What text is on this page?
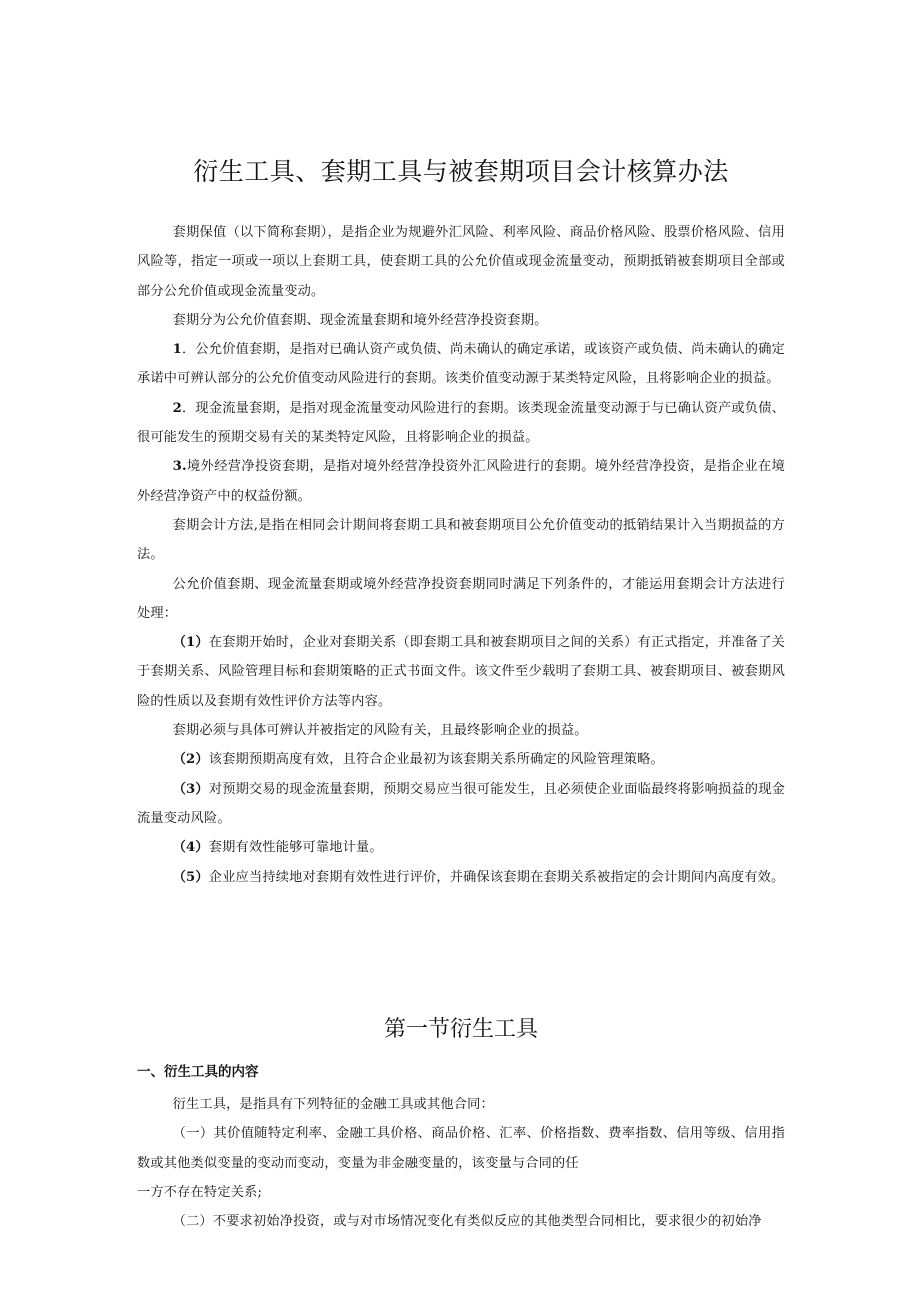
衍生工具、套期工具与被套期项目会计核算办法

套期保值（以下简称套期），是指企业为规避外汇风险、利率风险、商品价格风险、股票价格风险、信用风险等，指定一项或一项以上套期工具，使套期工具的公允价值或现金流量变动，预期抵销被套期项目全部或部分公允价值或现金流量变动。

套期分为公允价值套期、现金流量套期和境外经营净投资套期。

1．公允价值套期，是指对已确认资产或负债、尚未确认的确定承诺，或该资产或负债、尚未确认的确定承诺中可辨认部分的公允价值变动风险进行的套期。该类价值变动源于某类特定风险，且将影响企业的损益。

2．现金流量套期，是指对现金流量变动风险进行的套期。该类现金流量变动源于与已确认资产或负债、很可能发生的预期交易有关的某类特定风险，且将影响企业的损益。

3.境外经营净投资套期，是指对境外经营净投资外汇风险进行的套期。境外经营净投资，是指企业在境外经营净资产中的权益份额。

套期会计方法,是指在相同会计期间将套期工具和被套期项目公允价值变动的抵销结果计入当期损益的方法。

公允价值套期、现金流量套期或境外经营净投资套期同时满足下列条件的，才能运用套期会计方法进行处理：

（1）在套期开始时，企业对套期关系（即套期工具和被套期项目之间的关系）有正式指定，并准备了关于套期关系、风险管理目标和套期策略的正式书面文件。该文件至少载明了套期工具、被套期项目、被套期风险的性质以及套期有效性评价方法等内容。

套期必须与具体可辨认并被指定的风险有关，且最终影响企业的损益。

（2）该套期预期高度有效，且符合企业最初为该套期关系所确定的风险管理策略。

（3）对预期交易的现金流量套期，预期交易应当很可能发生，且必须使企业面临最终将影响损益的现金流量变动风险。

（4）套期有效性能够可靠地计量。

（5）企业应当持续地对套期有效性进行评价，并确保该套期在套期关系被指定的会计期间内高度有效。

第一节衍生工具
一、衍生工具的内容

衍生工具，是指具有下列特征的金融工具或其他合同：

（一）其价值随特定利率、金融工具价格、商品价格、汇率、价格指数、费率指数、信用等级、信用指数或其他类似变量的变动而变动，变量为非金融变量的，该变量与合同的任

一方不存在特定关系;

（二）不要求初始净投资，或与对市场情况变化有类似反应的其他类型合同相比，要求很少的初始净
